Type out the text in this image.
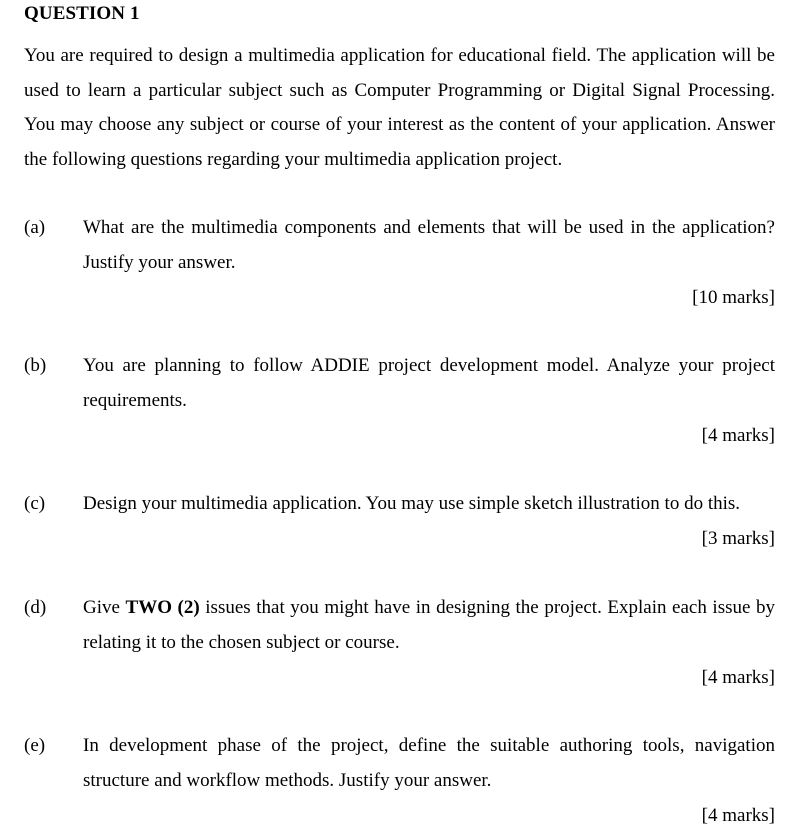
QUESTION 1
You are required to design a multimedia application for educational field. The application will be used to learn a particular subject such as Computer Programming or Digital Signal Processing. You may choose any subject or course of your interest as the content of your application. Answer the following questions regarding your multimedia application project.
(a) What are the multimedia components and elements that will be used in the application? Justify your answer.
[10 marks]
(b) You are planning to follow ADDIE project development model. Analyze your project requirements.
[4 marks]
(c) Design your multimedia application. You may use simple sketch illustration to do this.
[3 marks]
(d) Give TWO (2) issues that you might have in designing the project. Explain each issue by relating it to the chosen subject or course.
[4 marks]
(e) In development phase of the project, define the suitable authoring tools, navigation structure and workflow methods. Justify your answer.
[4 marks]
